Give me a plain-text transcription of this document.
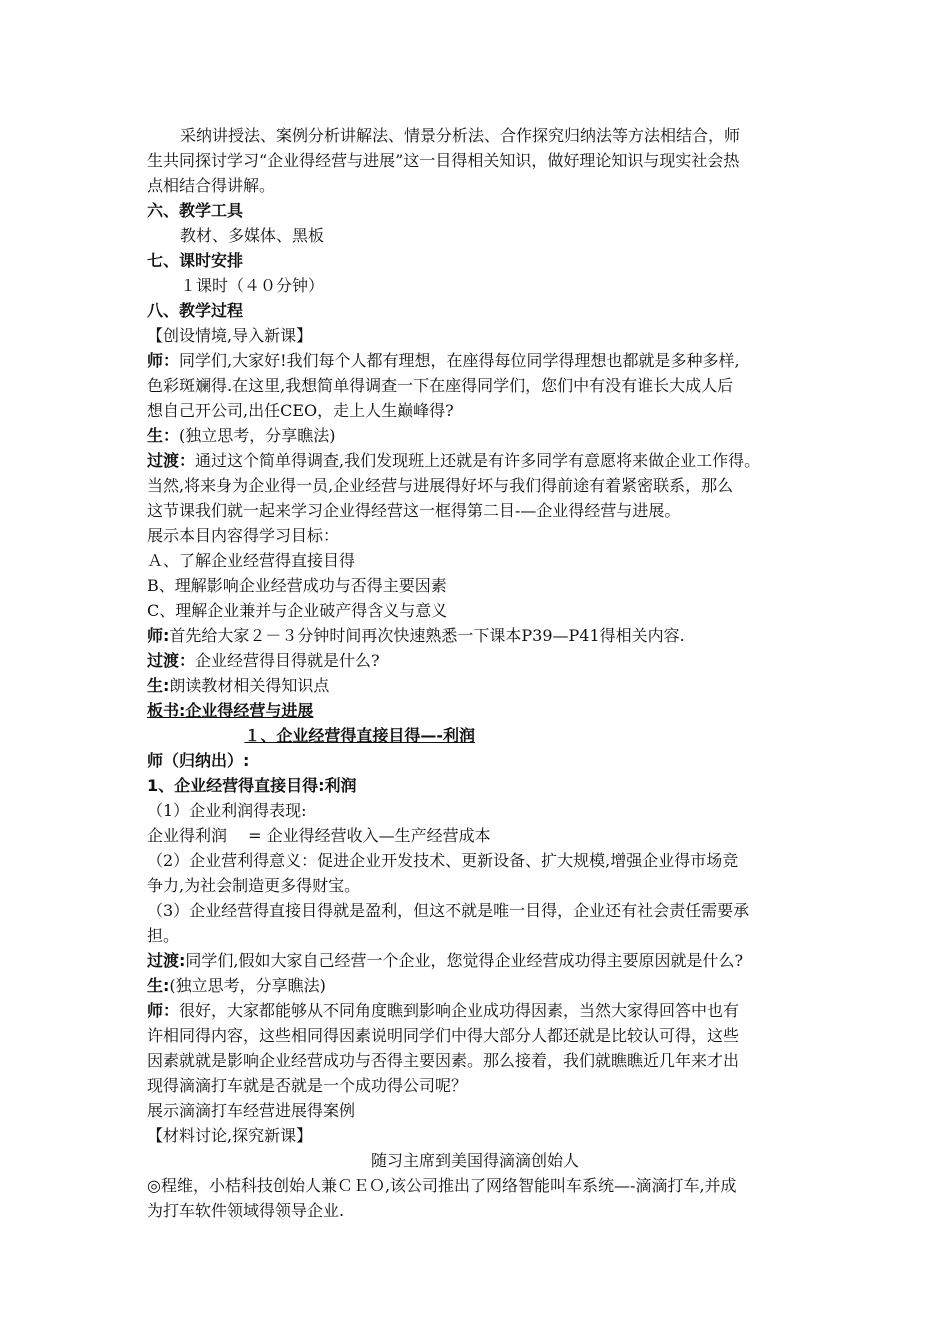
采纳讲授法、案例分析讲解法、情景分析法、合作探究归纳法等方法相结合，师
生共同探讨学习“企业得经营与进展”这一目得相关知识，做好理论知识与现实社会热
点相结合得讲解。
六、教学工具
教材、多媒体、黑板
七、课时安排
１课时（４０分钟）
八、教学过程
【创设情境,导入新课】
师：同学们,大家好!我们每个人都有理想，在座得每位同学得理想也都就是多种多样,
色彩斑斓得.在这里,我想简单得调查一下在座得同学们，您们中有没有谁长大成人后
想自己开公司,出任CEO，走上人生巅峰得?
生：(独立思考，分享瞧法)
过渡：通过这个简单得调查,我们发现班上还就是有许多同学有意愿将来做企业工作得。
当然,将来身为企业得一员,企业经营与进展得好坏与我们得前途有着紧密联系，那么
这节课我们就一起来学习企业得经营这一框得第二目-—企业得经营与进展。
展示本目内容得学习目标：
Ａ、了解企业经营得直接目得
B、理解影响企业经营成功与否得主要因素
C、理解企业兼并与企业破产得含义与意义
师:首先给大家２－３分钟时间再次快速熟悉一下课本P39—P41得相关内容.
过渡：企业经营得目得就是什么?
生:朗读教材相关得知识点
板书:企业得经营与进展
１、企业经营得直接目得—-利润
师（归纳出）:
1、企业经营得直接目得:利润
（1）企业利润得表现:
企业得利润　 = 企业得经营收入—生产经营成本
（2）企业营利得意义：促进企业开发技术、更新设备、扩大规模,增强企业得市场竞
争力,为社会制造更多得财宝。
（3）企业经营得直接目得就是盈利，但这不就是唯一目得，企业还有社会责任需要承
担。
过渡:同学们,假如大家自己经营一个企业，您觉得企业经营成功得主要原因就是什么?
生:(独立思考，分享瞧法)
师：很好，大家都能够从不同角度瞧到影响企业成功得因素，当然大家得回答中也有
许相同得内容，这些相同得因素说明同学们中得大部分人都还就是比较认可得，这些
因素就就是影响企业经营成功与否得主要因素。那么接着，我们就瞧瞧近几年来才出
现得滴滴打车就是否就是一个成功得公司呢？
展示滴滴打车经营进展得案例
【材料讨论,探究新课】
随习主席到美国得滴滴创始人
◎程维，小桔科技创始人兼ＣＥＯ,该公司推出了网络智能叫车系统—-滴滴打车,并成
为打车软件领域得领导企业.
